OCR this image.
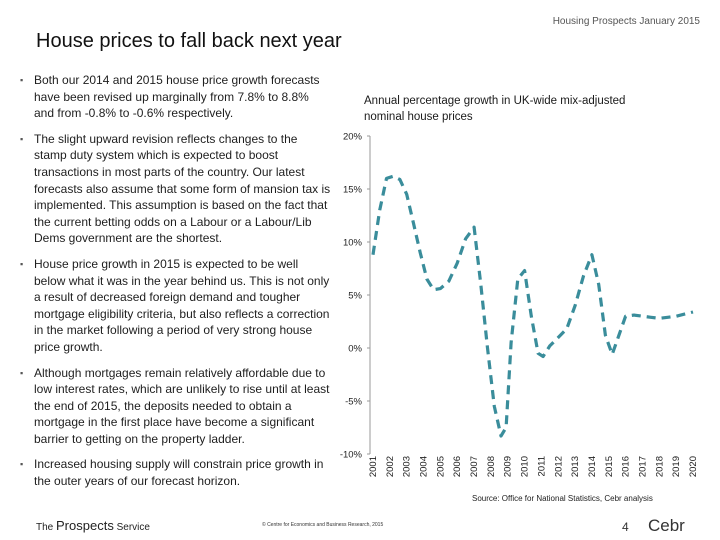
Housing Prospects January 2015
House prices to fall back next year
▪ Both our 2014 and 2015 house price growth forecasts have been revised up marginally from 7.8% to 8.8% and from -0.8% to -0.6% respectively.
▪ The slight upward revision reflects changes to the stamp duty system which is expected to boost transactions in most parts of the country. Our latest forecasts also assume that some form of mansion tax is implemented. This assumption is based on the fact that the current betting odds on a Labour or a Labour/Lib Dems government are the shortest.
▪ House price growth in 2015 is expected to be well below what it was in the year behind us. This is not only a result of decreased foreign demand and tougher mortgage eligibility criteria, but also reflects a correction in the market following a period of very strong house price growth.
▪ Although mortgages remain relatively affordable due to low interest rates, which are unlikely to rise until at least the end of 2015, the deposits needed to obtain a mortgage in the first place have become a significant barrier to getting on the property ladder.
▪ Increased housing supply will constrain price growth in the outer years of our forecast horizon.
Annual percentage growth in UK-wide mix-adjusted
nominal house prices
20%
15%
10%
5%
0%
-5%
-10%
2001 2002 2003 2004 2005 2006 2007 2008 2009 2010 2011 2012 2013 2014 2015 2016 2017 2018 2019 2020
Source: Office for National Statistics, Cebr analysis
The Prospects Service	© Centre for Economics and Business Research, 2015	4 Cebr
